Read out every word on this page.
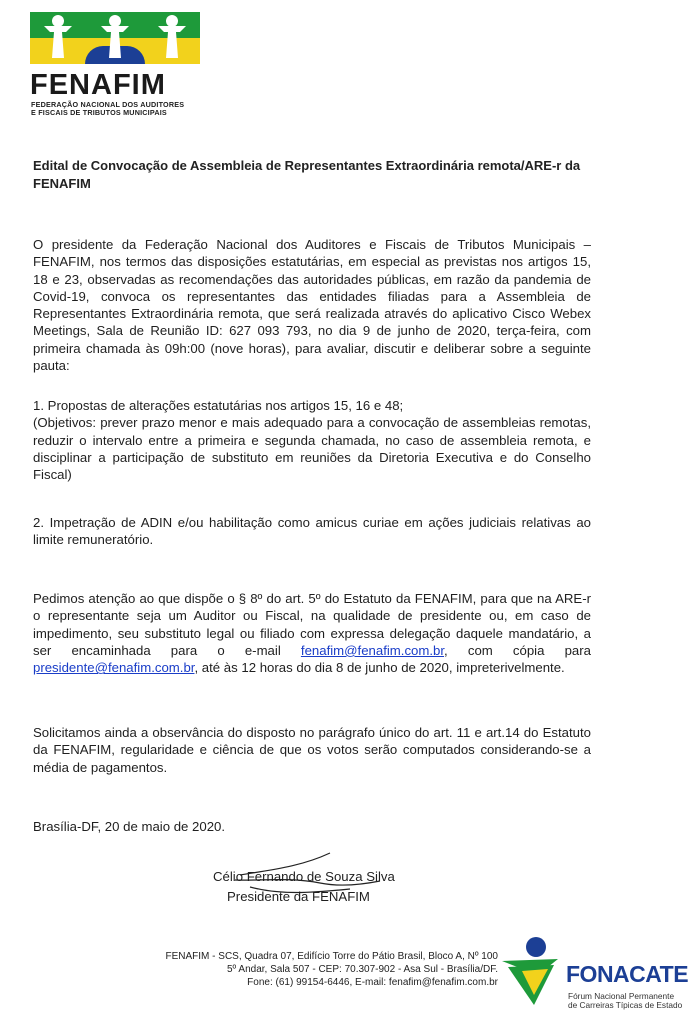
FENAFIM
FEDERAÇÃO NACIONAL DOS AUDITORES
E FISCAIS DE TRIBUTOS MUNICIPAIS
Edital de Convocação de Assembleia de Representantes Extraordinária remota/ARE-r da FENAFIM
O presidente da Federação Nacional dos Auditores e Fiscais de Tributos Municipais – FENAFIM, nos termos das disposições estatutárias, em especial as previstas nos artigos 15, 18 e 23, observadas as recomendações das autoridades públicas, em razão da pandemia de Covid-19, convoca os representantes das entidades filiadas para a Assembleia de Representantes Extraordinária remota, que será realizada através do aplicativo Cisco Webex Meetings, Sala de Reunião ID: 627 093 793, no dia 9 de junho de 2020, terça-feira, com primeira chamada às 09h:00 (nove horas), para avaliar, discutir e deliberar sobre a seguinte pauta:
1. Propostas de alterações estatutárias nos artigos 15, 16 e 48;
(Objetivos: prever prazo menor e mais adequado para a convocação de assembleias remotas, reduzir o intervalo entre a primeira e segunda chamada, no caso de assembleia remota, e disciplinar a participação de substituto em reuniões da Diretoria Executiva e do Conselho Fiscal)
2. Impetração de ADIN e/ou habilitação como amicus curiae em ações judiciais relativas ao limite remuneratório.
Pedimos atenção ao que dispõe o § 8º do art. 5º do Estatuto da FENAFIM, para que na ARE-r o representante seja um Auditor ou Fiscal, na qualidade de presidente ou, em caso de impedimento, seu substituto legal ou filiado com expressa delegação daquele mandatário, a ser encaminhada para o e-mail fenafim@fenafim.com.br, com cópia para presidente@fenafim.com.br, até às 12 horas do dia 8 de junho de 2020, impreterivelmente.
Solicitamos ainda a observância do disposto no parágrafo único do art. 11 e art.14 do Estatuto da FENAFIM, regularidade e ciência de que os votos serão computados considerando-se a média de pagamentos.
Brasília-DF, 20 de maio de 2020.
Célio Fernando de Souza Silva
Presidente da FENAFIM
FENAFIM - SCS, Quadra 07, Edifício Torre do Pátio Brasil, Bloco A, Nº 100
5º Andar, Sala 507 - CEP: 70.307-902 - Asa Sul - Brasília/DF.
Fone: (61) 99154-6446, E-mail: fenafim@fenafim.com.br	FONACATE
Fórum Nacional Permanente
de Carreiras Típicas de Estado
